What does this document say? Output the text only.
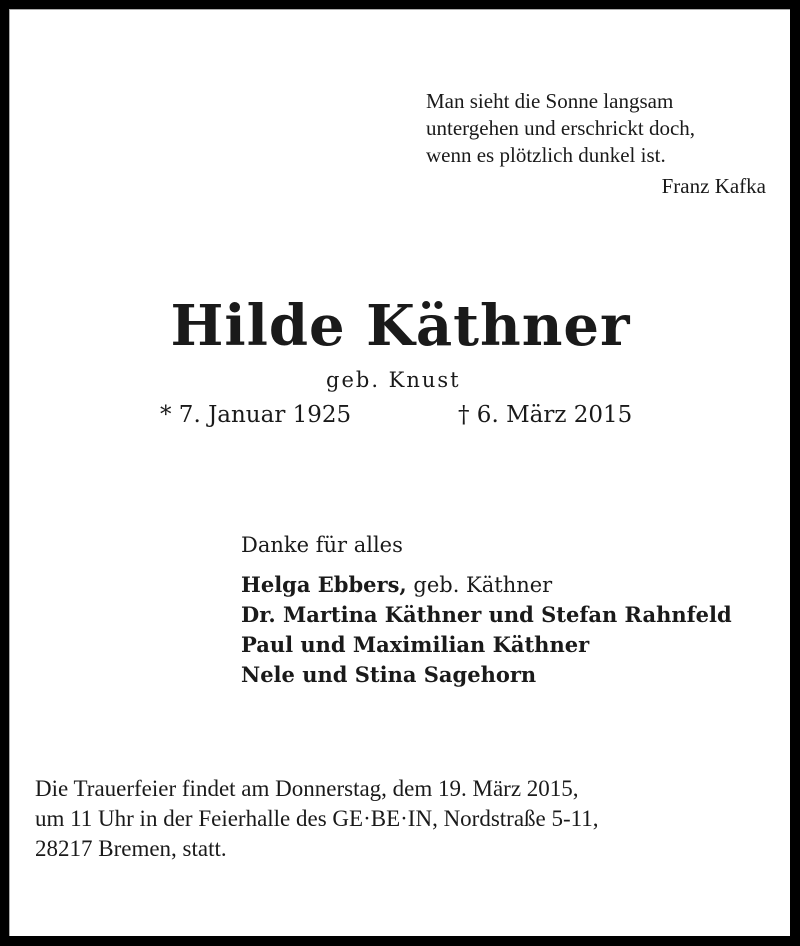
Man sieht die Sonne langsam
untergehen und erschrickt doch,
wenn es plötzlich dunkel ist.
Franz Kafka
Hilde Käthner
geb. Knust
* 7. Januar 1925	† 6. März 2015
Danke für alles
Helga Ebbers, geb. Käthner
Dr. Martina Käthner und Stefan Rahnfeld
Paul und Maximilian Käthner
Nele und Stina Sagehorn
Die Trauerfeier findet am Donnerstag, dem 19. März 2015,
um 11 Uhr in der Feierhalle des GE·BE·IN, Nordstraße 5-11,
28217 Bremen, statt.
